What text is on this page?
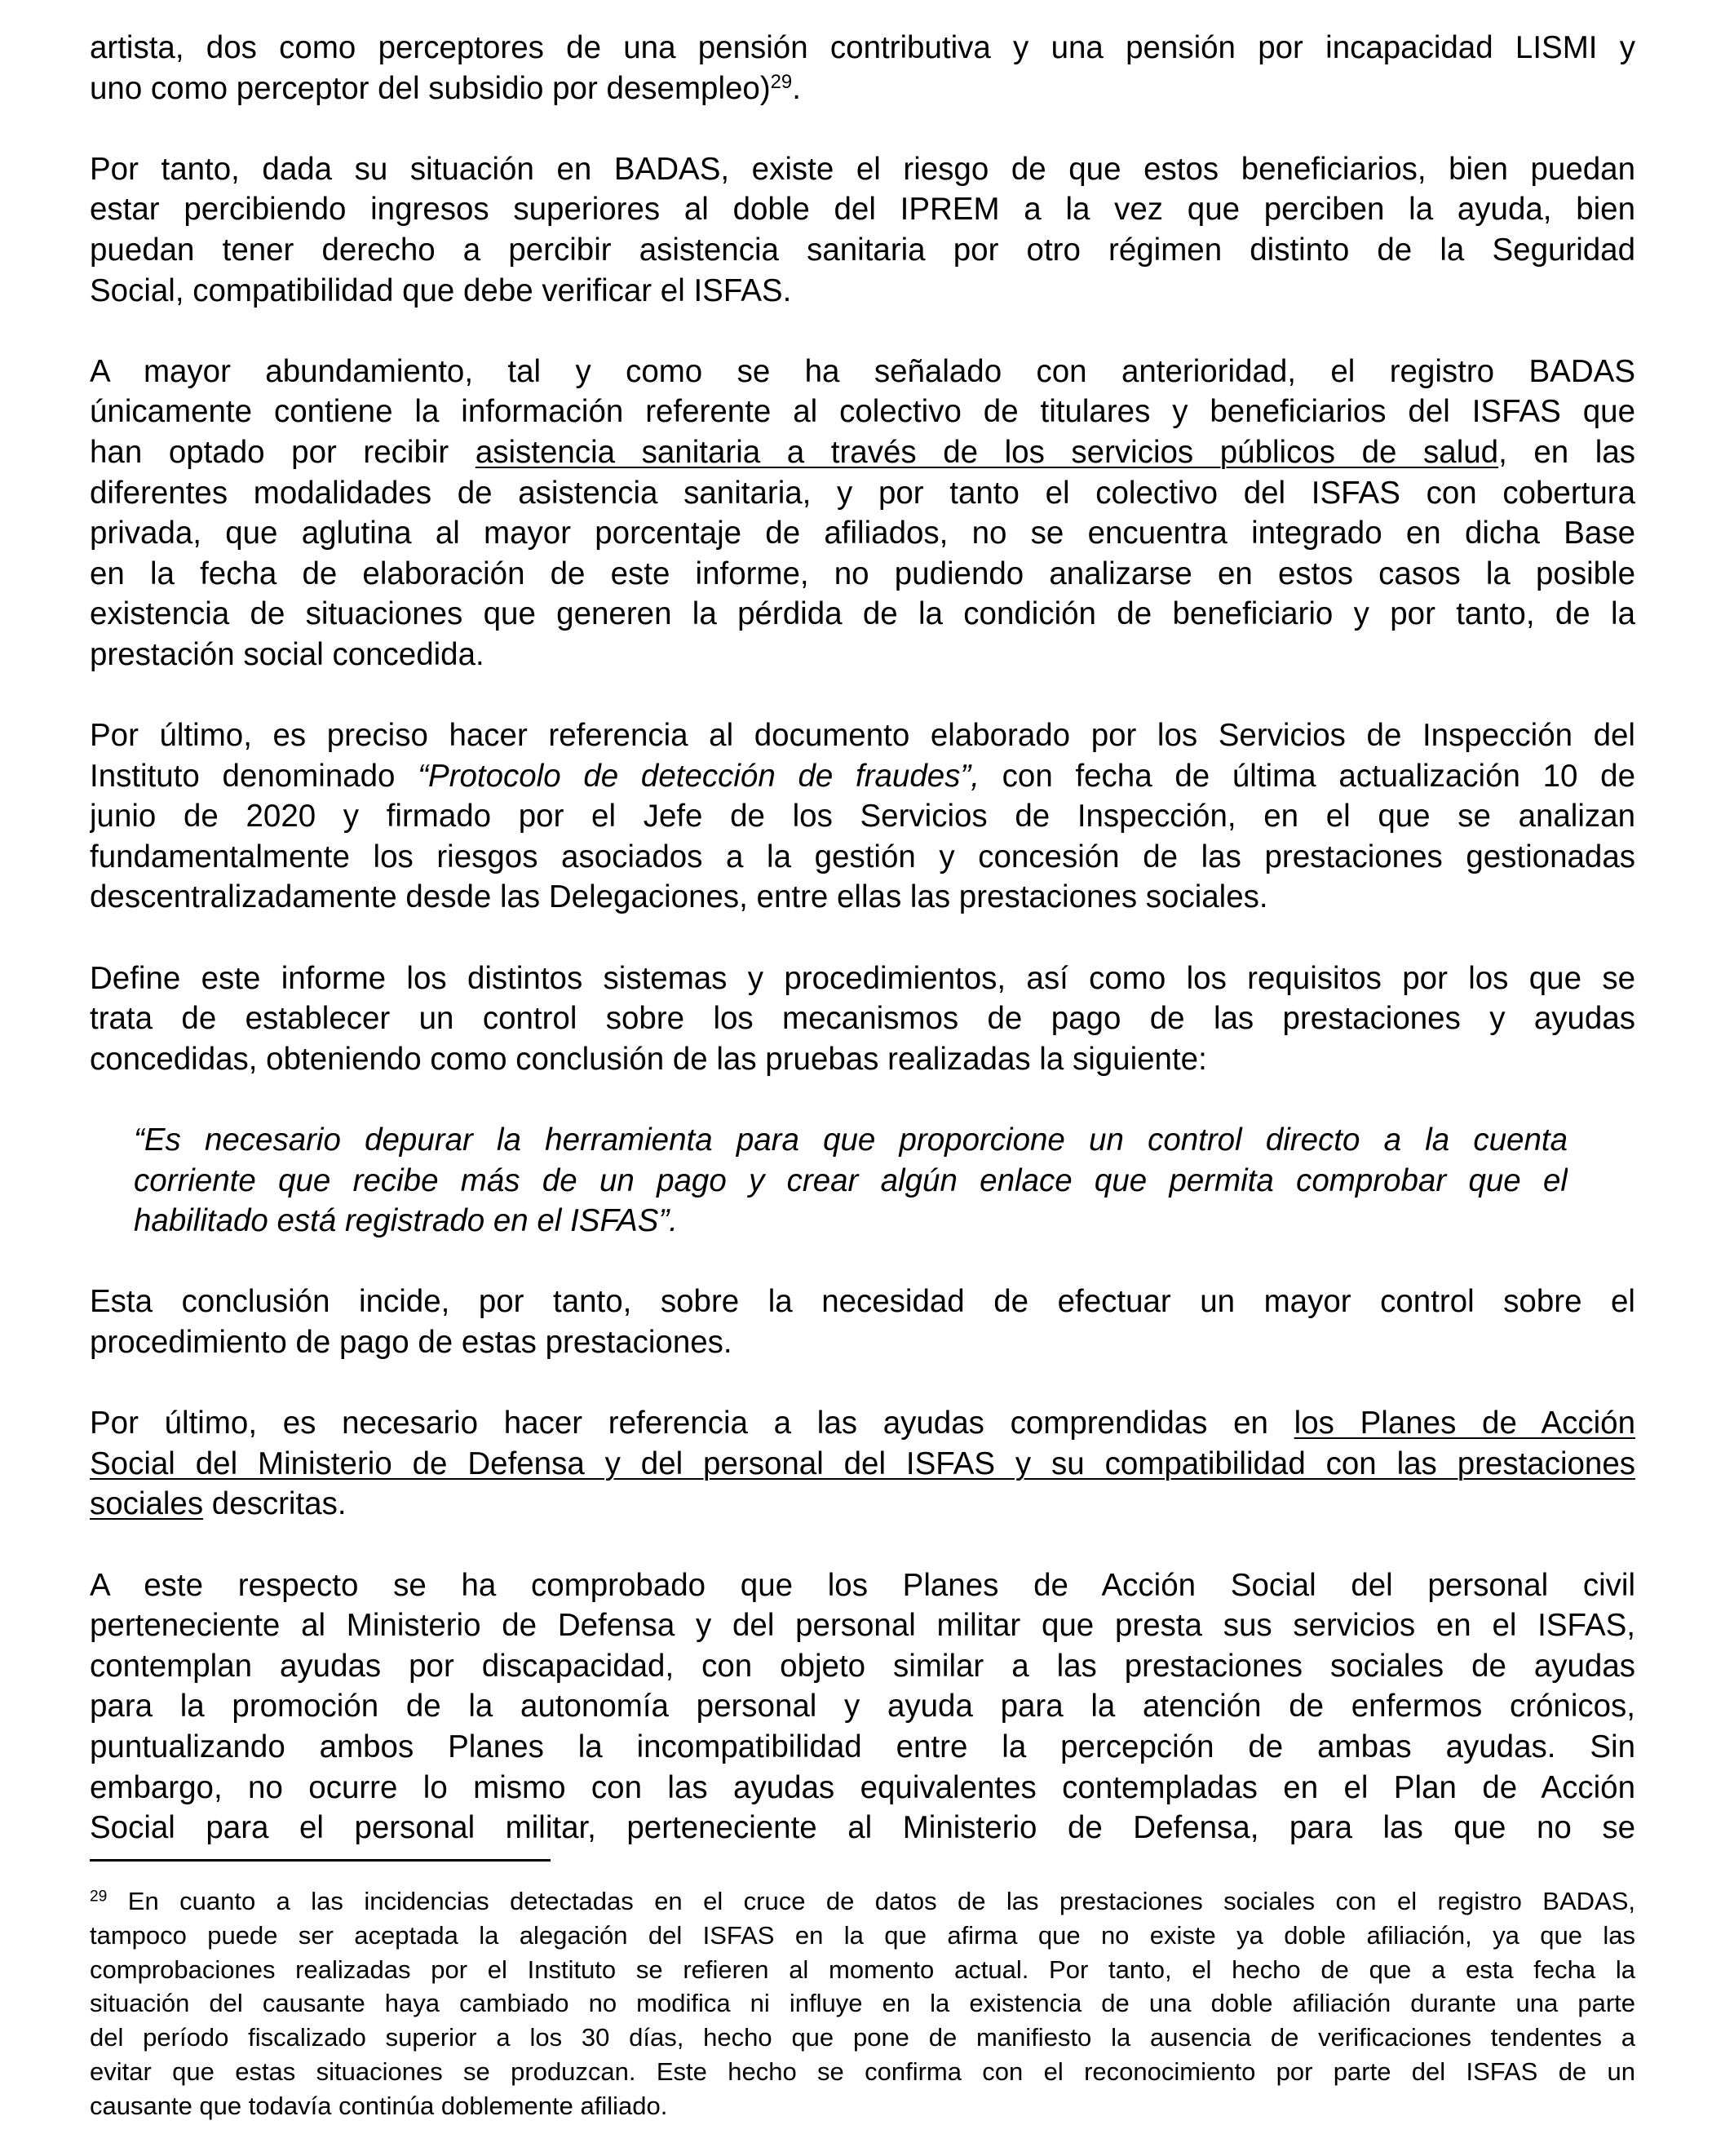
artista, dos como perceptores de una pensión contributiva y una pensión por incapacidad LISMI y
uno como perceptor del subsidio por desempleo)$^{29}$.
Por tanto, dada su situación en BADAS, existe el riesgo de que estos beneficiarios, bien puedan
estar percibiendo ingresos superiores al doble del IPREM a la vez que perciben la ayuda, bien
puedan tener derecho a percibir asistencia sanitaria por otro régimen distinto de la Seguridad
Social, compatibilidad que debe verificar el ISFAS.
A mayor abundamiento, tal y como se ha señalado con anterioridad, el registro BADAS
únicamente contiene la información referente al colectivo de titulares y beneficiarios del ISFAS que
han optado por recibir asistencia sanitaria a través de los servicios públicos de salud, en las
diferentes modalidades de asistencia sanitaria, y por tanto el colectivo del ISFAS con cobertura
privada, que aglutina al mayor porcentaje de afiliados, no se encuentra integrado en dicha Base
en la fecha de elaboración de este informe, no pudiendo analizarse en estos casos la posible
existencia de situaciones que generen la pérdida de la condición de beneficiario y por tanto, de la
prestación social concedida.
Por último, es preciso hacer referencia al documento elaborado por los Servicios de Inspección del
Instituto denominado “Protocolo de detección de fraudes”, con fecha de última actualización 10 de
junio de 2020 y firmado por el Jefe de los Servicios de Inspección, en el que se analizan
fundamentalmente los riesgos asociados a la gestión y concesión de las prestaciones gestionadas
descentralizadamente desde las Delegaciones, entre ellas las prestaciones sociales.
Define este informe los distintos sistemas y procedimientos, así como los requisitos por los que se
trata de establecer un control sobre los mecanismos de pago de las prestaciones y ayudas
concedidas, obteniendo como conclusión de las pruebas realizadas la siguiente:
“Es necesario depurar la herramienta para que proporcione un control directo a la cuenta
corriente que recibe más de un pago y crear algún enlace que permita comprobar que el
habilitado está registrado en el ISFAS”.
Esta conclusión incide, por tanto, sobre la necesidad de efectuar un mayor control sobre el
procedimiento de pago de estas prestaciones.
Por último, es necesario hacer referencia a las ayudas comprendidas en los Planes de Acción
Social del Ministerio de Defensa y del personal del ISFAS y su compatibilidad con las prestaciones
sociales descritas.
A este respecto se ha comprobado que los Planes de Acción Social del personal civil
perteneciente al Ministerio de Defensa y del personal militar que presta sus servicios en el ISFAS,
contemplan ayudas por discapacidad, con objeto similar a las prestaciones sociales de ayudas
para la promoción de la autonomía personal y ayuda para la atención de enfermos crónicos,
puntualizando ambos Planes la incompatibilidad entre la percepción de ambas ayudas. Sin
embargo, no ocurre lo mismo con las ayudas equivalentes contempladas en el Plan de Acción
Social para el personal militar, perteneciente al Ministerio de Defensa, para las que no se
$^{29}$ En cuanto a las incidencias detectadas en el cruce de datos de las prestaciones sociales con el registro BADAS,
tampoco puede ser aceptada la alegación del ISFAS en la que afirma que no existe ya doble afiliación, ya que las
comprobaciones realizadas por el Instituto se refieren al momento actual. Por tanto, el hecho de que a esta fecha la
situación del causante haya cambiado no modifica ni influye en la existencia de una doble afiliación durante una parte
del período fiscalizado superior a los 30 días, hecho que pone de manifiesto la ausencia de verificaciones tendentes a
evitar que estas situaciones se produzcan. Este hecho se confirma con el reconocimiento por parte del ISFAS de un
causante que todavía continúa doblemente afiliado.
